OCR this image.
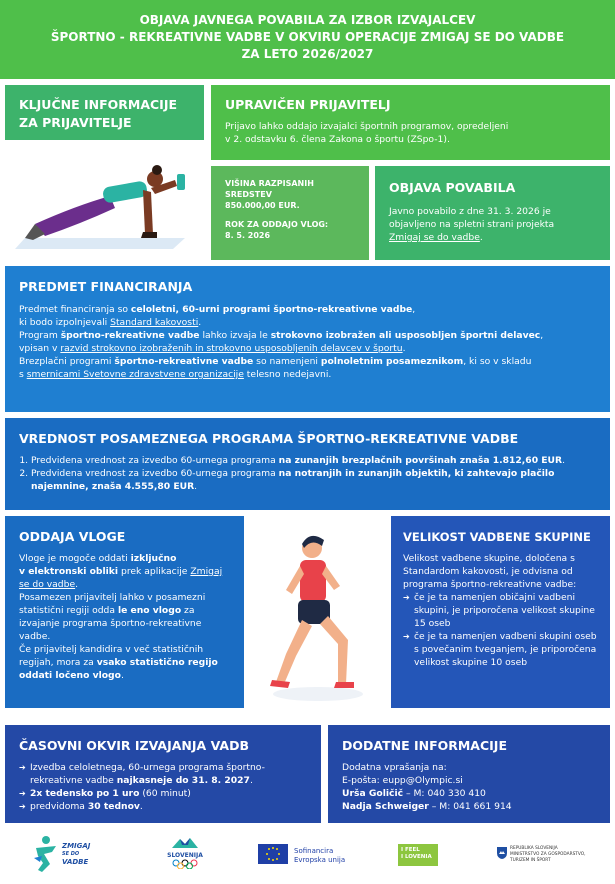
OBJAVA JAVNEGA POVABILA ZA IZBOR IZVAJALCEV
ŠPORTNO - REKREATIVNE VADBE V OKVIRU OPERACIJE ZMIGAJ SE DO VADBE
ZA LETO 2026/2027
KLJUČNE INFORMACIJE
ZA PRIJAVITELJE
UPRAVIČEN PRIJAVITELJ
Prijavo lahko oddajo izvajalci športnih programov, opredeljeni
v 2. odstavku 6. člena Zakona o športu (ZSpo-1).
VIŠINA RAZPISANIH
SREDSTEV
850.000,00 EUR.
ROK ZA ODDAJO VLOG:
8. 5. 2026
OBJAVA POVABILA
Javno povabilo z dne 31. 3. 2026 je
objavljeno na spletni strani projekta
Zmigaj se do vadbe.
PREDMET FINANCIRANJA
Predmet financiranja so celoletni, 60-urni programi športno-rekreativne vadbe,
ki bodo izpolnjevali Standard kakovosti.
Program športno-rekreativne vadbe lahko izvaja le strokovno izobražen ali usposobljen športni delavec,
vpisan v razvid strokovno izobraženih in strokovno usposobljenih delavcev v športu.
Brezplačni programi športno-rekreativne vadbe so namenjeni polnoletnim posameznikom, ki so v skladu
s smernicami Svetovne zdravstvene organizacije telesno nedejavni.
VREDNOST POSAMEZNEGA PROGRAMA ŠPORTNO-REKREATIVNE VADBE
1. Predvidena vrednost za izvedbo 60-urnega programa na zunanjih brezplačnih površinah znaša 1.812,60 EUR.
2. Predvidena vrednost za izvedbo 60-urnega programa na notranjih in zunanjih objektih, ki zahtevajo plačilo najemnine, znaša 4.555,80 EUR.
ODDAJA VLOGE
Vloge je mogoče oddati izključno
v elektronski obliki prek aplikacije Zmigaj se do vadbe.
Posamezen prijavitelj lahko v posamezni statistični regiji odda le eno vlogo za izvajanje programa športno-rekreativne vadbe.
Če prijavitelj kandidira v več statističnih regijah, mora za vsako statistično regijo oddati ločeno vlogo.
VELIKOST VADBENE SKUPINE
Velikost vadbene skupine, določena s Standardom kakovosti, je odvisna od programa športno-rekreativne vadbe:
➔ če je ta namenjen običajni vadbeni skupini, je priporočena velikost skupine 15 oseb
➔ če je ta namenjen vadbeni skupini oseb s povečanim tveganjem, je priporočena velikost skupine 10 oseb
ČASOVNI OKVIR IZVAJANJA VADB
➔ Izvedba celoletnega, 60-urnega programa športno-rekreativne vadbe najkasneje do 31. 8. 2027.
➔ 2x tedensko po 1 uro (60 minut)
➔ predvidoma 30 tednov.
DODATNE INFORMACIJE
Dodatna vprašanja na:
E-pošta: eupp@Olympic.si
Urša Goličič – M: 040 330 410
Nadja Schweiger – M: 041 661 914
ZMIGAJ
SE DO
VADBE
SLOVENIJA
Sofinancira
Evropska unija
I FEEL
I LOVENIA
REPUBLIKA SLOVENIJA
MINISTRSTVO ZA GOSPODARSTVO,
TURIZEM IN ŠPORT
